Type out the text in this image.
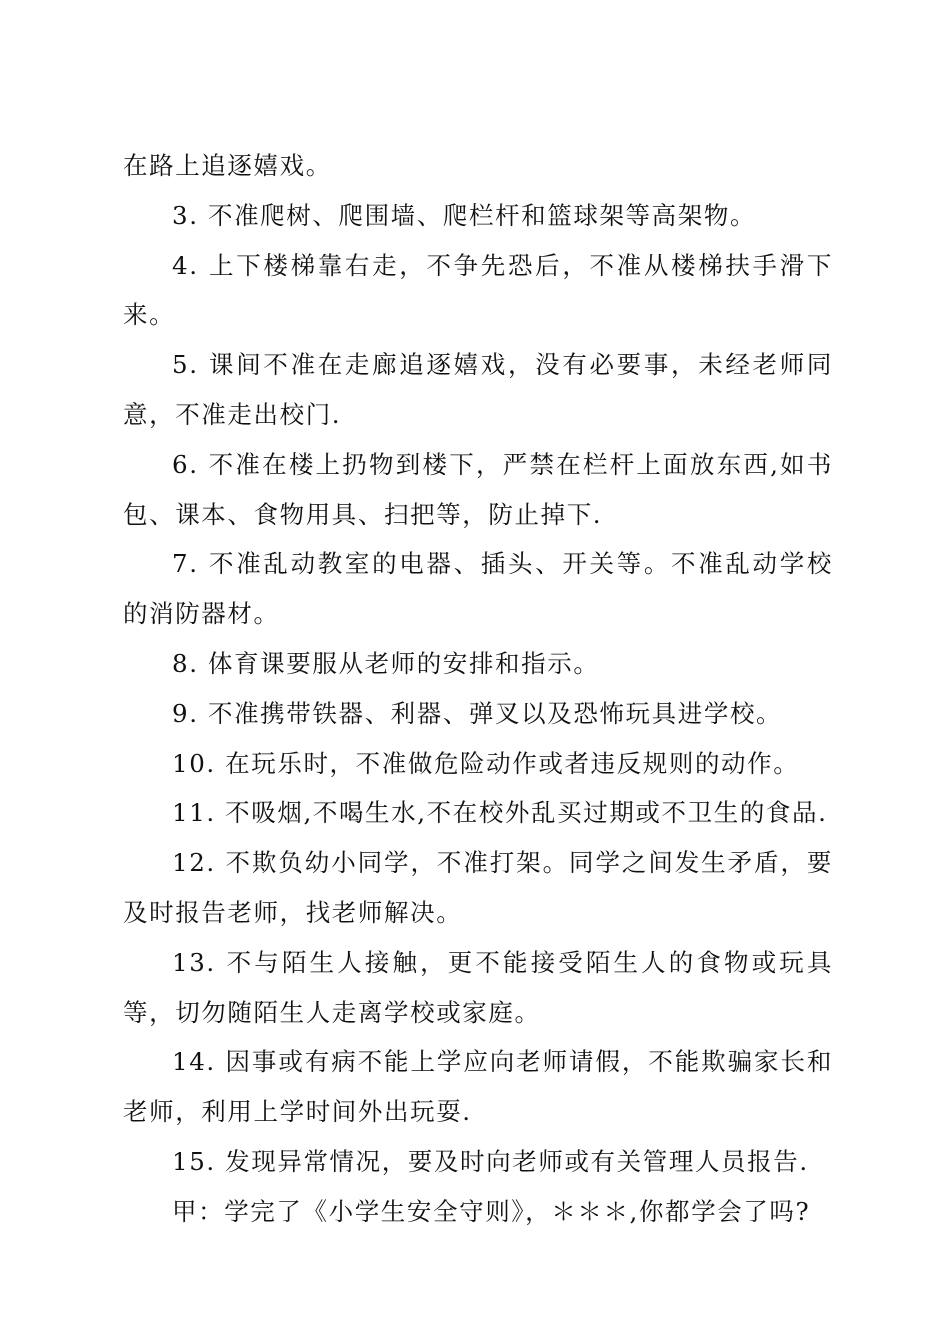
在路上追逐嬉戏。

3. 不准爬树、爬围墙、爬栏杆和篮球架等高架物。

4. 上下楼梯靠右走，不争先恐后，不准从楼梯扶手滑下来。

5. 课间不准在走廊追逐嬉戏，没有必要事，未经老师同意，不准走出校门.

6. 不准在楼上扔物到楼下，严禁在栏杆上面放东西,如书包、课本、食物用具、扫把等，防止掉下.

7. 不准乱动教室的电器、插头、开关等。不准乱动学校的消防器材。

8. 体育课要服从老师的安排和指示。

9. 不准携带铁器、利器、弹叉以及恐怖玩具进学校。

10. 在玩乐时，不准做危险动作或者违反规则的动作。

11. 不吸烟,不喝生水,不在校外乱买过期或不卫生的食品.

12. 不欺负幼小同学，不准打架。同学之间发生矛盾，要及时报告老师，找老师解决。

13. 不与陌生人接触，更不能接受陌生人的食物或玩具等，切勿随陌生人走离学校或家庭。

14. 因事或有病不能上学应向老师请假，不能欺骗家长和老师，利用上学时间外出玩耍.

15. 发现异常情况，要及时向老师或有关管理人员报告.

甲：学完了《小学生安全守则》，＊＊＊,你都学会了吗?
